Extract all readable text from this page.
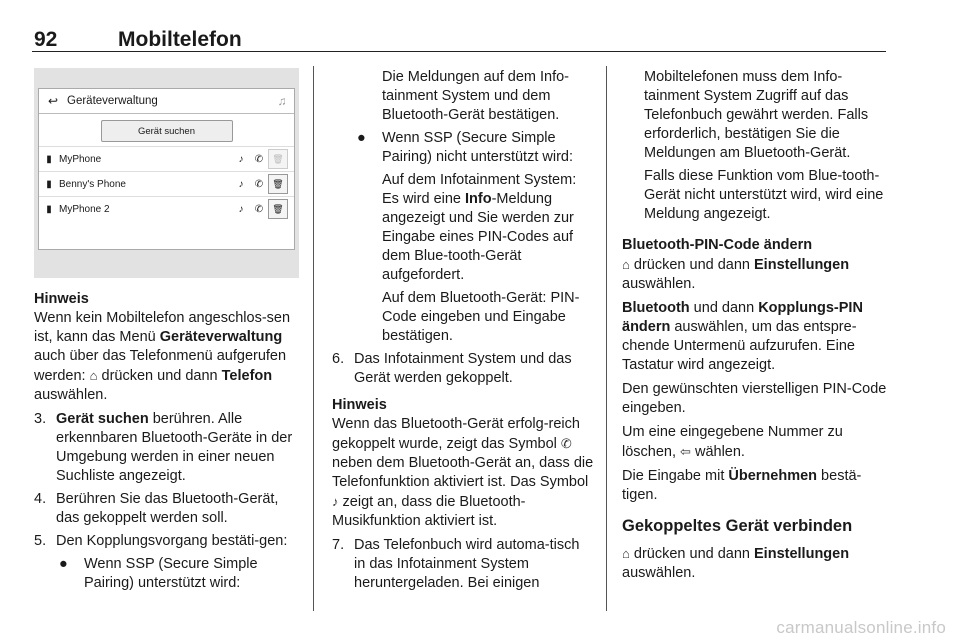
92	Mobiltelefon
↩ Geräteverwaltung	♫
Gerät suchen
▮ MyPhone	♪	✆	🗑
▮ Benny's Phone	♪	✆	🗑
▮ MyPhone 2	♪	✆	🗑

Hinweis

Wenn kein Mobiltelefon angeschlos-sen ist, kann das Menü Geräteverwaltung auch über das Telefonmenü aufgerufen werden: ⌂ drücken und dann Telefon auswählen.

3. Gerät suchen berühren. Alle erkennbaren Bluetooth-Geräte in der Umgebung werden in einer neuen Suchliste angezeigt.
4. Berühren Sie das Bluetooth-Gerät, das gekoppelt werden soll.
5. Den Kopplungsvorgang bestäti-gen:
● Wenn SSP (Secure Simple Pairing) unterstützt wird:

Die Meldungen auf dem Info-tainment System und dem Bluetooth-Gerät bestätigen.

● Wenn SSP (Secure Simple Pairing) nicht unterstützt wird:

Auf dem Infotainment System: Es wird eine Info-Meldung angezeigt und Sie werden zur Eingabe eines PIN-Codes auf dem Blue-tooth-Gerät aufgefordert.

Auf dem Bluetooth-Gerät: PIN-Code eingeben und Eingabe bestätigen.

6. Das Infotainment System und das Gerät werden gekoppelt.

Hinweis

Wenn das Bluetooth-Gerät erfolg-reich gekoppelt wurde, zeigt das Symbol ✆ neben dem Bluetooth-Gerät an, dass die Telefonfunktion aktiviert ist. Das Symbol ♪ zeigt an, dass die Bluetooth-Musikfunktion aktiviert ist.

7. Das Telefonbuch wird automa-tisch in das Infotainment System heruntergeladen. Bei einigen

Mobiltelefonen muss dem Info-tainment System Zugriff auf das Telefonbuch gewährt werden. Falls erforderlich, bestätigen Sie die Meldungen am Bluetooth-Gerät.

Falls diese Funktion vom Blue-tooth-Gerät nicht unterstützt wird, wird eine Meldung angezeigt.

Bluetooth-PIN-Code ändern

⌂ drücken und dann Einstellungen auswählen.

Bluetooth und dann Kopplungs-PIN ändern auswählen, um das entspre-chende Untermenü aufzurufen. Eine Tastatur wird angezeigt.

Den gewünschten vierstelligen PIN-Code eingeben.

Um eine eingegebene Nummer zu löschen, ⇦ wählen.

Die Eingabe mit Übernehmen bestä-tigen.

Gekoppeltes Gerät verbinden

⌂ drücken und dann Einstellungen auswählen.

carmanualsonline.info
